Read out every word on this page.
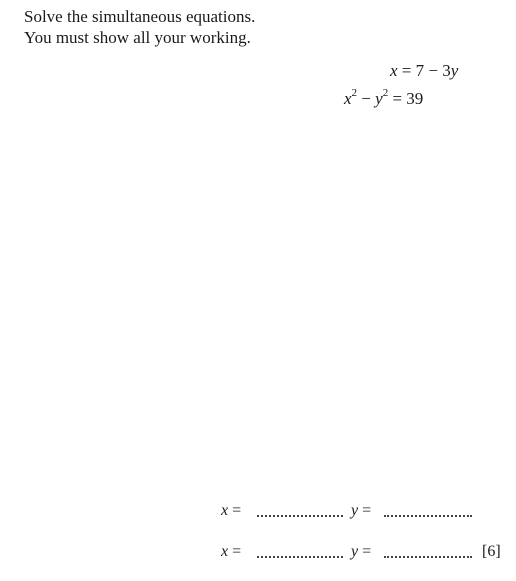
Solve the simultaneous equations.
You must show all your working.
x = 7 − 3y
$x^2 - y^2 = 39$
x =	y =
x =	y =	[6]
